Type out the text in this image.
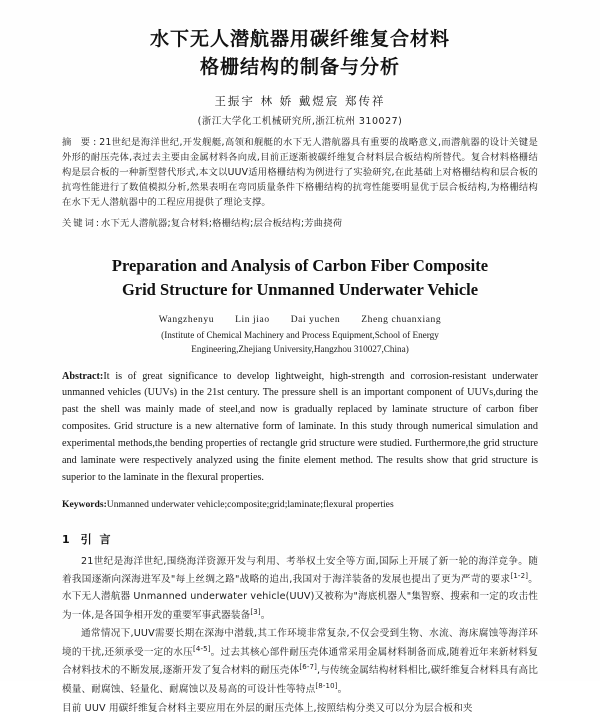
水下无人潜航器用碳纤维复合材料
格栅结构的制备与分析
王振宇 林 娇 戴煜宸 郑传祥
(浙江大学化工机械研究所,浙江杭州 310027)
摘 要:21世纪是海洋世纪,开发舰艇,高领和舰艇的水下无人潜航器具有重要的战略意义,而潜航器的设计关键是外形的耐压壳体,表过去主要由金属材料各向成,目前正逐渐被碳纤维复合材料层合板结构所替代。复合材料格栅结构是层合板的一种新型替代形式,本文以UUV适用格栅结构为例进行了实验研究,在此基础上对格栅结构和层合板的抗弯性能进行了数值模拟分析,然果表明在弯同质量条件下格栅结构的抗弯性能要明显优于层合板结构,为格栅结构在水下无人潜航器中的工程应用提供了理论支撑。
关键词:水下无人潜航器;复合材料;格栅结构;层合板结构;芳曲挠荷
Preparation and Analysis of Carbon Fiber Composite
Grid Structure for Unmanned Underwater Vehicle
Wangzhenyu Lin jiao Dai yuchen Zheng chuanxiang
(Institute of Chemical Machinery and Process Equipment,School of Energy
Engineering,Zhejiang University,Hangzhou 310027,China)
Abstract:It is of great significance to develop lightweight, high-strength and corrosion-resistant underwater unmanned vehicles (UUVs) in the 21st century. The pressure shell is an important component of UUVs,during the past the shell was mainly made of steel,and now is gradually replaced by laminate structure of carbon fiber composites. Grid structure is a new alternative form of laminate. In this study through numerical simulation and experimental methods,the bending properties of rectangle grid structure were studied. Furthermore,the grid structure and laminate were respectively analyzed using the finite element method. The results show that grid structure is superior to the laminate in the flexural properties.
Keywords:Unmanned underwater vehicle;composite;grid;laminate;flexural properties
1 引 言

21世纪是海洋世纪,围绕海洋资源开发与利用、考举权土安全等方面,国际上开展了新一轮的海洋竞争。随着我国逐渐向深海进军及"每上丝绸之路"战略的追出,我国对于海洋装备的发展也提出了更为严苛的要求[1-2]。水下无人潜航器 Unmanned underwater vehicle(UUV)又被称为"海底机器人"集智察、搜索和一定的攻击性为一体,是各国争相开发的重要军事武器装备[3]。

通常情况下,UUV需要长期在深海中潜载,其工作环境非常复杂,不仅会受到生物、水流、海床腐蚀等海洋环境的干扰,还须承受一定的水压[4-5]。过去其核心部件耐压壳体通常采用金属材料制备而成,随着近年来新材料复合材料技术的不断发展,逐渐开发了复合材料的耐压壳体[6-7],与传统金属结构材料相比,碳纤维复合材料具有高比模量、耐腐蚀、轻量化、耐腐蚀以及易高的可设计性等特点[8-10]。

目前 UUV 用碳纤维复合材料主要应用在外层的耐压壳体上,按照结构分类又可以分为层合板和夹
